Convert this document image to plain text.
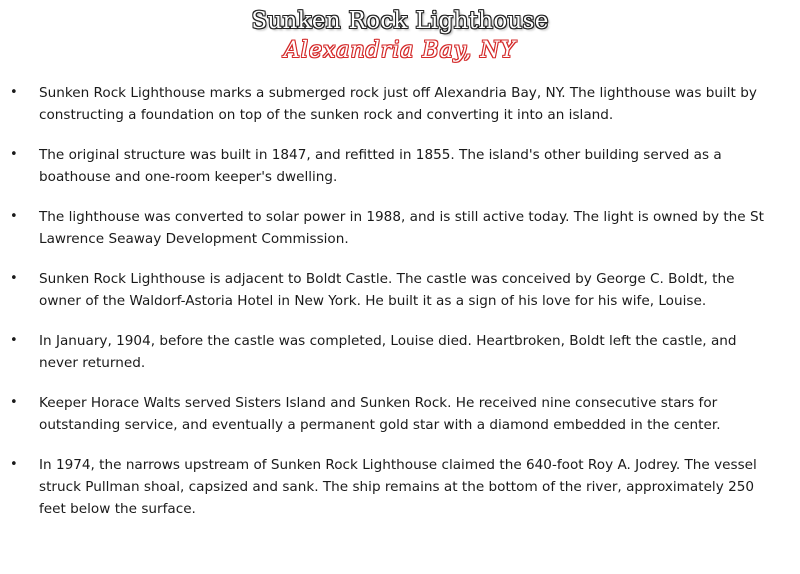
Sunken Rock Lighthouse
Alexandria Bay, NY
• Sunken Rock Lighthouse marks a submerged rock just off Alexandria Bay, NY. The lighthouse was built by constructing a foundation on top of the sunken rock and converting it into an island.
• The original structure was built in 1847, and refitted in 1855. The island's other building served as a boathouse and one-room keeper's dwelling.
• The lighthouse was converted to solar power in 1988, and is still active today. The light is owned by the St Lawrence Seaway Development Commission.
• Sunken Rock Lighthouse is adjacent to Boldt Castle. The castle was conceived by George C. Boldt, the owner of the Waldorf-Astoria Hotel in New York. He built it as a sign of his love for his wife, Louise.
• In January, 1904, before the castle was completed, Louise died. Heartbroken, Boldt left the castle, and never returned.
• Keeper Horace Walts served Sisters Island and Sunken Rock. He received nine consecutive stars for outstanding service, and eventually a permanent gold star with a diamond embedded in the center.
• In 1974, the narrows upstream of Sunken Rock Lighthouse claimed the 640-foot Roy A. Jodrey. The vessel struck Pullman shoal, capsized and sank. The ship remains at the bottom of the river, approximately 250 feet below the surface.
